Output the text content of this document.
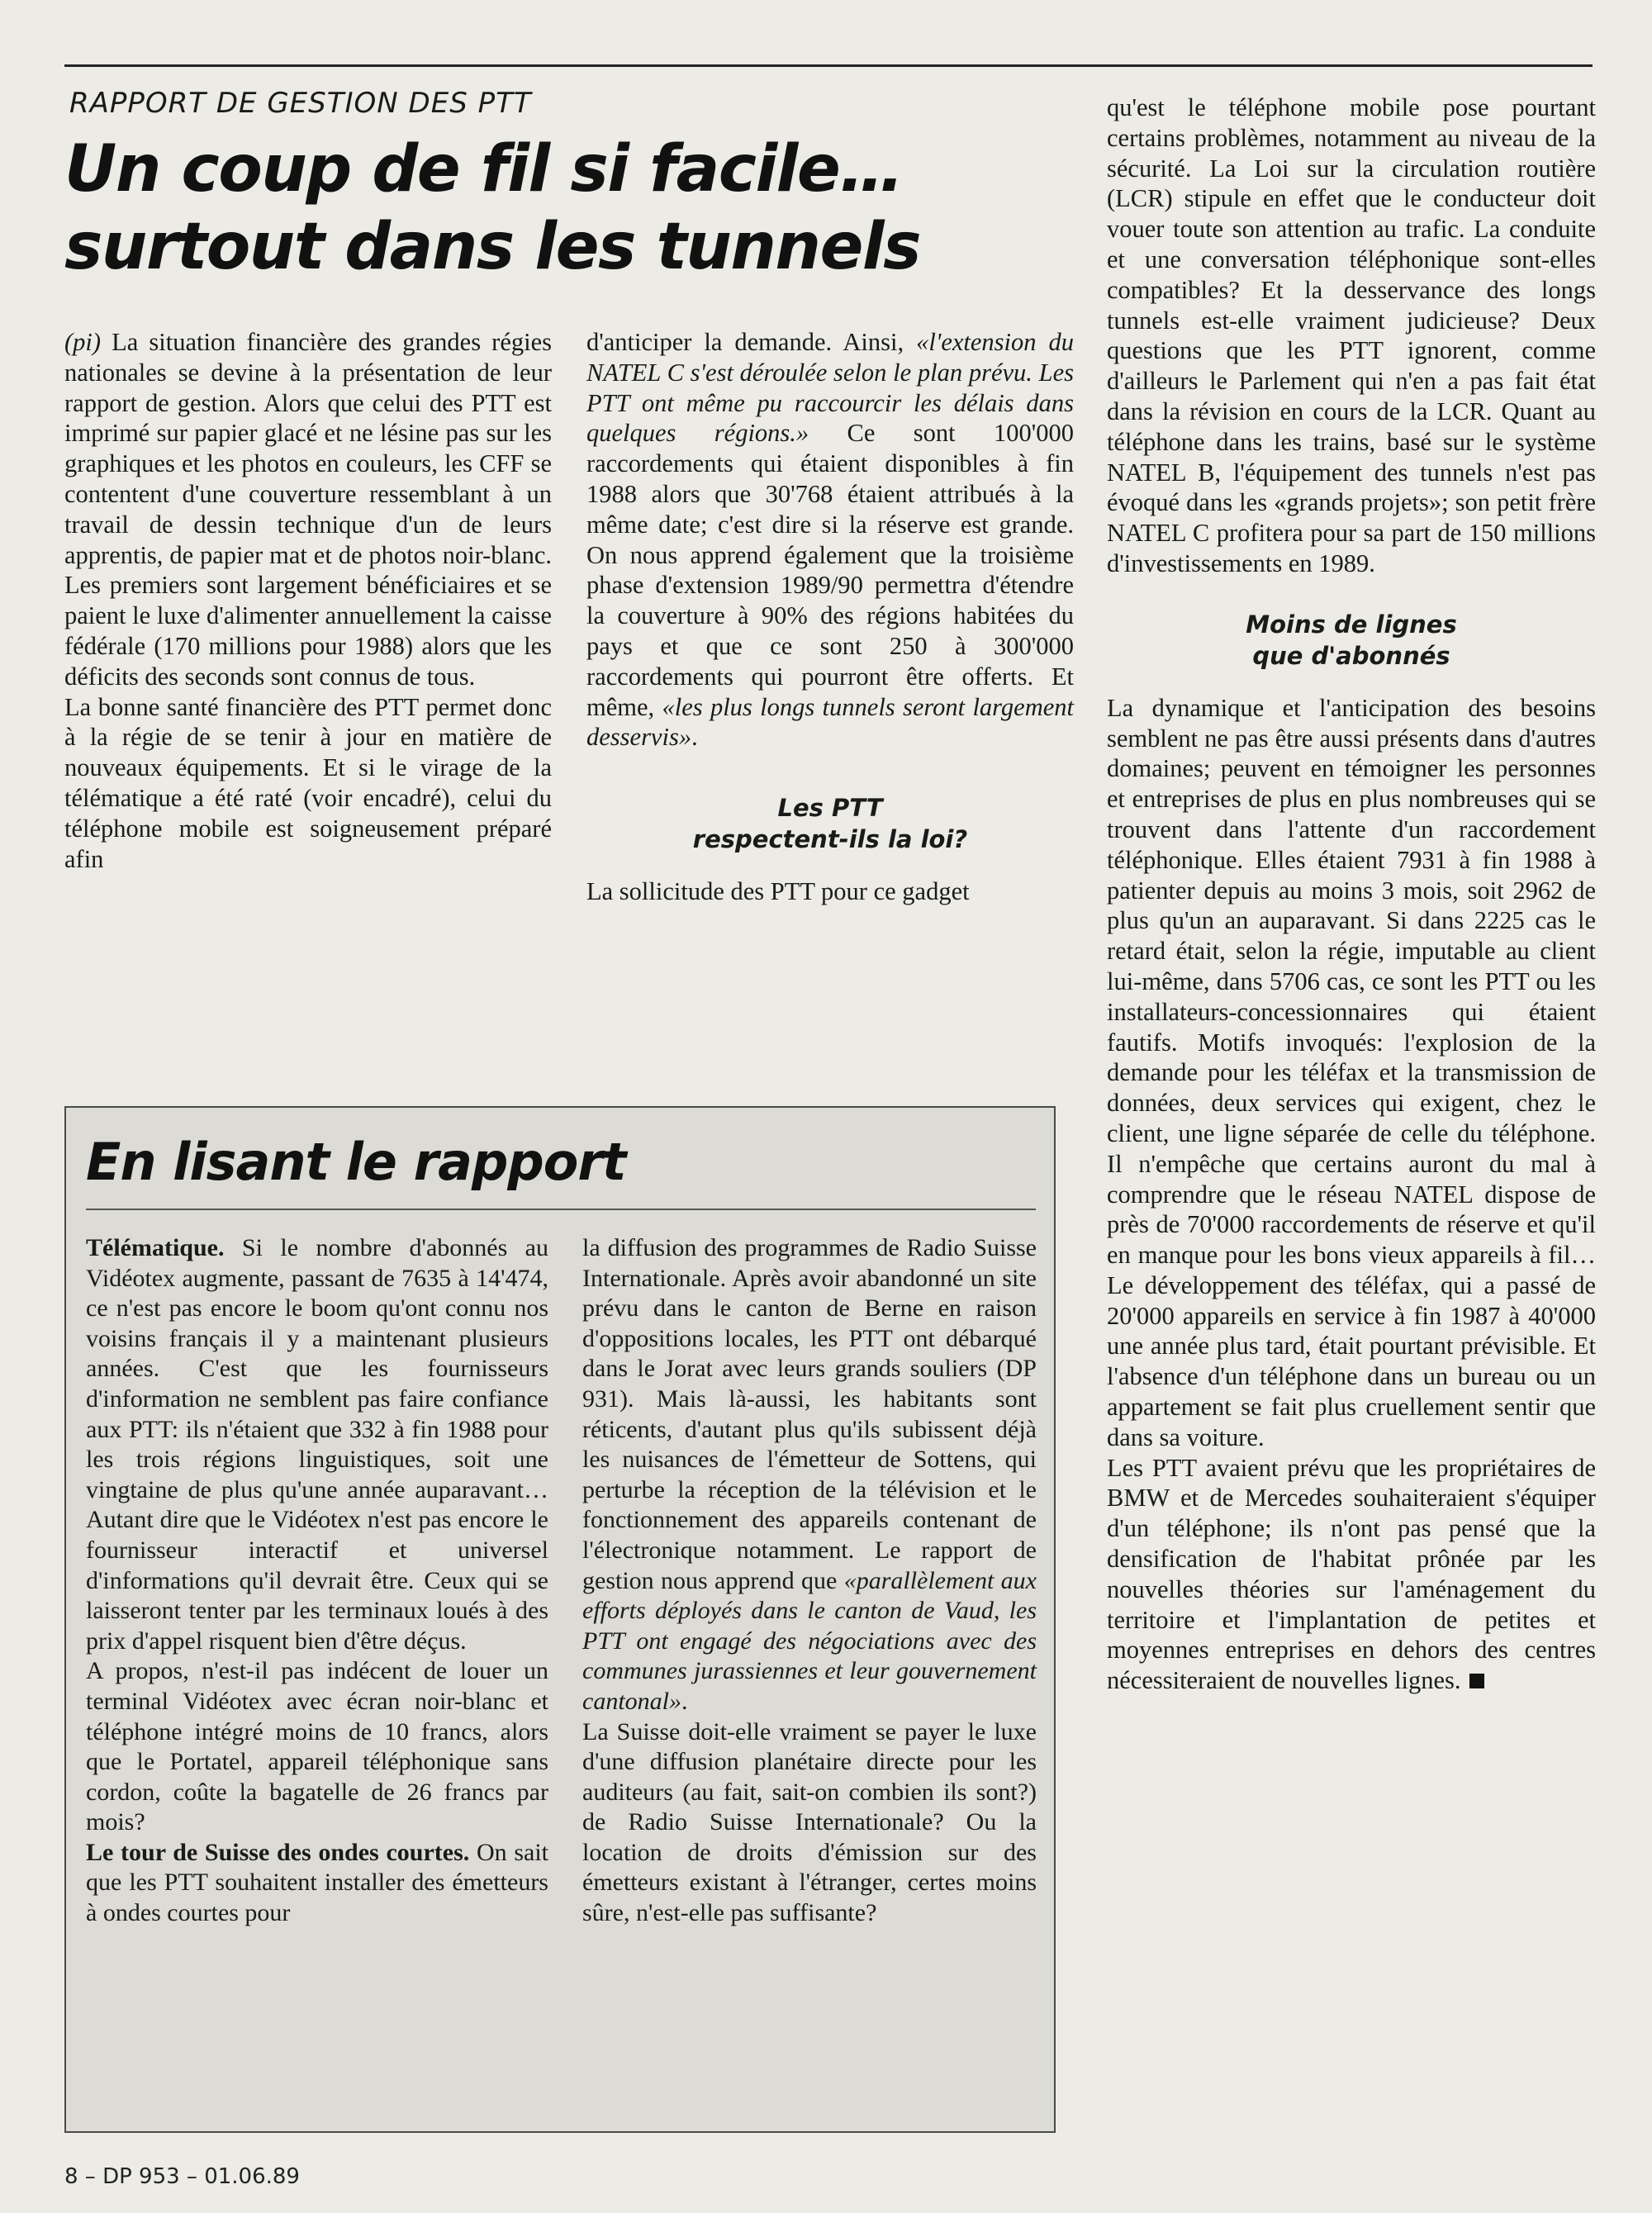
RAPPORT DE GESTION DES PTT
Un coup de fil si facile…
surtout dans les tunnels

(pi) La situation financière des grandes régies nationales se devine à la présentation de leur rapport de gestion. Alors que celui des PTT est imprimé sur papier glacé et ne lésine pas sur les graphiques et les photos en couleurs, les CFF se contentent d'une couverture ressemblant à un travail de dessin technique d'un de leurs apprentis, de papier mat et de photos noir-blanc. Les premiers sont largement bénéficiaires et se paient le luxe d'alimenter annuellement la caisse fédérale (170 millions pour 1988) alors que les déficits des seconds sont connus de tous.

La bonne santé financière des PTT permet donc à la régie de se tenir à jour en matière de nouveaux équipements. Et si le virage de la télématique a été raté (voir encadré), celui du téléphone mobile est soigneusement préparé afin

d'anticiper la demande. Ainsi, «l'extension du NATEL C s'est déroulée selon le plan prévu. Les PTT ont même pu raccourcir les délais dans quelques régions.» Ce sont 100'000 raccordements qui étaient disponibles à fin 1988 alors que 30'768 étaient attribués à la même date; c'est dire si la réserve est grande. On nous apprend également que la troisième phase d'extension 1989/90 permettra d'étendre la couverture à 90% des régions habitées du pays et que ce sont 250 à 300'000 raccordements qui pourront être offerts. Et même, «les plus longs tunnels seront largement desservis».

Les PTT
respectent-ils la loi?

La sollicitude des PTT pour ce gadget

qu'est le téléphone mobile pose pourtant certains problèmes, notamment au niveau de la sécurité. La Loi sur la circulation routière (LCR) stipule en effet que le conducteur doit vouer toute son attention au trafic. La conduite et une conversation téléphonique sont-elles compatibles? Et la desservance des longs tunnels est-elle vraiment judicieuse? Deux questions que les PTT ignorent, comme d'ailleurs le Parlement qui n'en a pas fait état dans la révision en cours de la LCR. Quant au téléphone dans les trains, basé sur le système NATEL B, l'équipement des tunnels n'est pas évoqué dans les «grands projets»; son petit frère NATEL C profitera pour sa part de 150 millions d'investissements en 1989.

Moins de lignes
que d'abonnés

La dynamique et l'anticipation des besoins semblent ne pas être aussi présents dans d'autres domaines; peuvent en témoigner les personnes et entreprises de plus en plus nombreuses qui se trouvent dans l'attente d'un raccordement téléphonique. Elles étaient 7931 à fin 1988 à patienter depuis au moins 3 mois, soit 2962 de plus qu'un an auparavant. Si dans 2225 cas le retard était, selon la régie, imputable au client lui-même, dans 5706 cas, ce sont les PTT ou les installateurs-concessionnaires qui étaient fautifs. Motifs invoqués: l'explosion de la demande pour les téléfax et la transmission de données, deux services qui exigent, chez le client, une ligne séparée de celle du téléphone. Il n'empêche que certains auront du mal à comprendre que le réseau NATEL dispose de près de 70'000 raccordements de réserve et qu'il en manque pour les bons vieux appareils à fil… Le développement des téléfax, qui a passé de 20'000 appareils en service à fin 1987 à 40'000 une année plus tard, était pourtant prévisible. Et l'absence d'un téléphone dans un bureau ou un appartement se fait plus cruellement sentir que dans sa voiture.

Les PTT avaient prévu que les propriétaires de BMW et de Mercedes souhaiteraient s'équiper d'un téléphone; ils n'ont pas pensé que la densification de l'habitat prônée par les nouvelles théories sur l'aménagement du territoire et l'implantation de petites et moyennes entreprises en dehors des centres nécessiteraient de nouvelles lignes.

En lisant le rapport

Télématique. Si le nombre d'abonnés au Vidéotex augmente, passant de 7635 à 14'474, ce n'est pas encore le boom qu'ont connu nos voisins français il y a maintenant plusieurs années. C'est que les fournisseurs d'information ne semblent pas faire confiance aux PTT: ils n'étaient que 332 à fin 1988 pour les trois régions linguistiques, soit une vingtaine de plus qu'une année auparavant… Autant dire que le Vidéotex n'est pas encore le fournisseur interactif et universel d'informations qu'il devrait être. Ceux qui se laisseront tenter par les terminaux loués à des prix d'appel risquent bien d'être déçus.

A propos, n'est-il pas indécent de louer un terminal Vidéotex avec écran noir-blanc et téléphone intégré moins de 10 francs, alors que le Portatel, appareil téléphonique sans cordon, coûte la bagatelle de 26 francs par mois?

Le tour de Suisse des ondes courtes. On sait que les PTT souhaitent installer des émetteurs à ondes courtes pour

la diffusion des programmes de Radio Suisse Internationale. Après avoir abandonné un site prévu dans le canton de Berne en raison d'oppositions locales, les PTT ont débarqué dans le Jorat avec leurs grands souliers (DP 931). Mais là-aussi, les habitants sont réticents, d'autant plus qu'ils subissent déjà les nuisances de l'émetteur de Sottens, qui perturbe la réception de la télévision et le fonctionnement des appareils contenant de l'électronique notamment. Le rapport de gestion nous apprend que «parallèlement aux efforts déployés dans le canton de Vaud, les PTT ont engagé des négociations avec des communes jurassiennes et leur gouvernement cantonal».

La Suisse doit-elle vraiment se payer le luxe d'une diffusion planétaire directe pour les auditeurs (au fait, sait-on combien ils sont?) de Radio Suisse Internationale? Ou la location de droits d'émission sur des émetteurs existant à l'étranger, certes moins sûre, n'est-elle pas suffisante?

8 – DP 953 – 01.06.89
